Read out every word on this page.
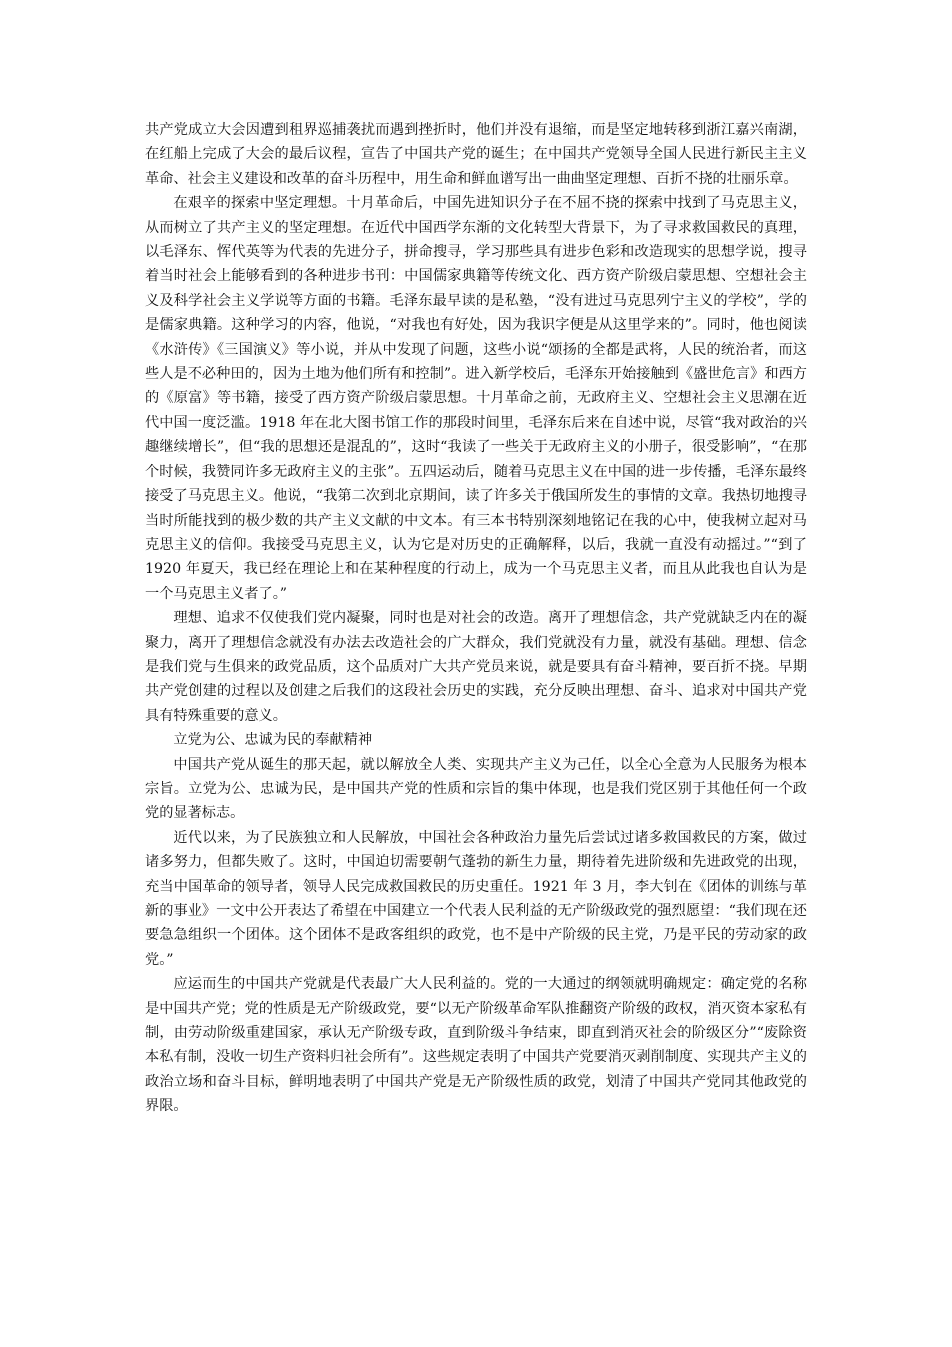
共产党成立大会因遭到租界巡捕袭扰而遇到挫折时，他们并没有退缩，而是坚定地转移到浙江嘉兴南湖，在红船上完成了大会的最后议程，宣告了中国共产党的诞生；在中国共产党领导全国人民进行新民主主义革命、社会主义建设和改革的奋斗历程中，用生命和鲜血谱写出一曲曲坚定理想、百折不挠的壮丽乐章。

在艰辛的探索中坚定理想。十月革命后，中国先进知识分子在不屈不挠的探索中找到了马克思主义，从而树立了共产主义的坚定理想。在近代中国西学东渐的文化转型大背景下，为了寻求救国救民的真理，以毛泽东、恽代英等为代表的先进分子，拼命搜寻，学习那些具有进步色彩和改造现实的思想学说，搜寻着当时社会上能够看到的各种进步书刊：中国儒家典籍等传统文化、西方资产阶级启蒙思想、空想社会主义及科学社会主义学说等方面的书籍。毛泽东最早读的是私塾，“没有进过马克思列宁主义的学校”，学的是儒家典籍。这种学习的内容，他说，“对我也有好处，因为我识字便是从这里学来的”。同时，他也阅读《水浒传》《三国演义》等小说，并从中发现了问题，这些小说“颂扬的全都是武将，人民的统治者，而这些人是不必种田的，因为土地为他们所有和控制”。进入新学校后，毛泽东开始接触到《盛世危言》和西方的《原富》等书籍，接受了西方资产阶级启蒙思想。十月革命之前，无政府主义、空想社会主义思潮在近代中国一度泛滥。1918 年在北大图书馆工作的那段时间里，毛泽东后来在自述中说，尽管“我对政治的兴趣继续增长”，但“我的思想还是混乱的”，这时“我读了一些关于无政府主义的小册子，很受影响”，“在那个时候，我赞同许多无政府主义的主张”。五四运动后，随着马克思主义在中国的进一步传播，毛泽东最终接受了马克思主义。他说，“我第二次到北京期间，读了许多关于俄国所发生的事情的文章。我热切地搜寻当时所能找到的极少数的共产主义文献的中文本。有三本书特别深刻地铭记在我的心中，使我树立起对马克思主义的信仰。我接受马克思主义，认为它是对历史的正确解释，以后，我就一直没有动摇过。”“到了 1920 年夏天，我已经在理论上和在某种程度的行动上，成为一个马克思主义者，而且从此我也自认为是一个马克思主义者了。”

理想、追求不仅使我们党内凝聚，同时也是对社会的改造。离开了理想信念，共产党就缺乏内在的凝聚力，离开了理想信念就没有办法去改造社会的广大群众，我们党就没有力量，就没有基础。理想、信念是我们党与生俱来的政党品质，这个品质对广大共产党员来说，就是要具有奋斗精神，要百折不挠。早期共产党创建的过程以及创建之后我们的这段社会历史的实践，充分反映出理想、奋斗、追求对中国共产党具有特殊重要的意义。

立党为公、忠诚为民的奉献精神

中国共产党从诞生的那天起，就以解放全人类、实现共产主义为己任，以全心全意为人民服务为根本宗旨。立党为公、忠诚为民，是中国共产党的性质和宗旨的集中体现，也是我们党区别于其他任何一个政党的显著标志。

近代以来，为了民族独立和人民解放，中国社会各种政治力量先后尝试过诸多救国救民的方案，做过诸多努力，但都失败了。这时，中国迫切需要朝气蓬勃的新生力量，期待着先进阶级和先进政党的出现，充当中国革命的领导者，领导人民完成救国救民的历史重任。1921 年 3 月，李大钊在《团体的训练与革新的事业》一文中公开表达了希望在中国建立一个代表人民利益的无产阶级政党的强烈愿望：“我们现在还要急急组织一个团体。这个团体不是政客组织的政党，也不是中产阶级的民主党，乃是平民的劳动家的政党。”

应运而生的中国共产党就是代表最广大人民利益的。党的一大通过的纲领就明确规定：确定党的名称是中国共产党；党的性质是无产阶级政党，要“以无产阶级革命军队推翻资产阶级的政权，消灭资本家私有制，由劳动阶级重建国家，承认无产阶级专政，直到阶级斗争结束，即直到消灭社会的阶级区分”“废除资本私有制，没收一切生产资料归社会所有”。这些规定表明了中国共产党要消灭剥削制度、实现共产主义的政治立场和奋斗目标，鲜明地表明了中国共产党是无产阶级性质的政党，划清了中国共产党同其他政党的界限。
